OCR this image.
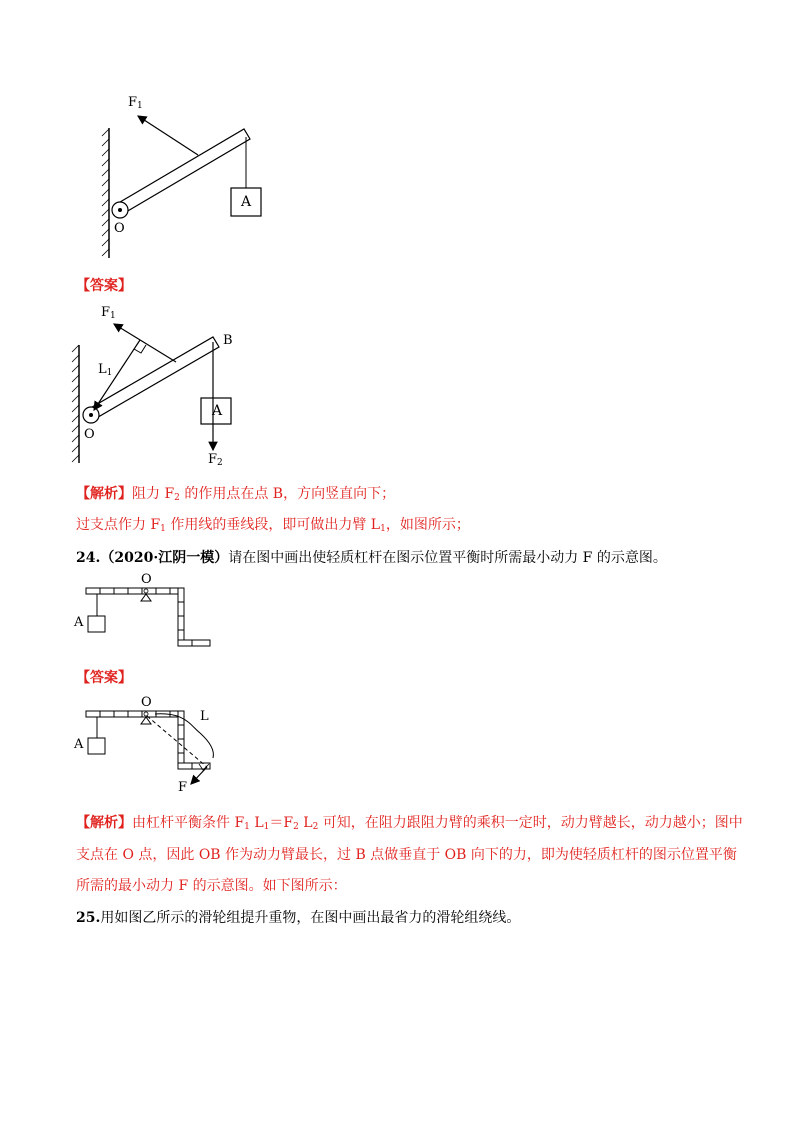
$F_1$
O
A
【答案】
$F_1$
$L_1$
B
O
A
$F_2$
【解析】阻力 $F_2$ 的作用点在点 B，方向竖直向下；
过支点作力 $F_1$ 作用线的垂线段，即可做出力臂 $L_1$，如图所示；
24.（2020·江阴一模）请在图中画出使轻质杠杆在图示位置平衡时所需最小动力 F 的示意图。
O
A
【答案】
O
A
L
F
【解析】由杠杆平衡条件 $F_1$ $L_1=F_2$ $L_2$ 可知，在阻力跟阻力臂的乘积一定时，动力臂越长，动力越小；图中
支点在 O 点，因此 OB 作为动力臂最长，过 B 点做垂直于 OB 向下的力，即为使轻质杠杆的图示位置平衡
所需的最小动力 F 的示意图。如下图所示：
25.用如图乙所示的滑轮组提升重物，在图中画出最省力的滑轮组绕线。
